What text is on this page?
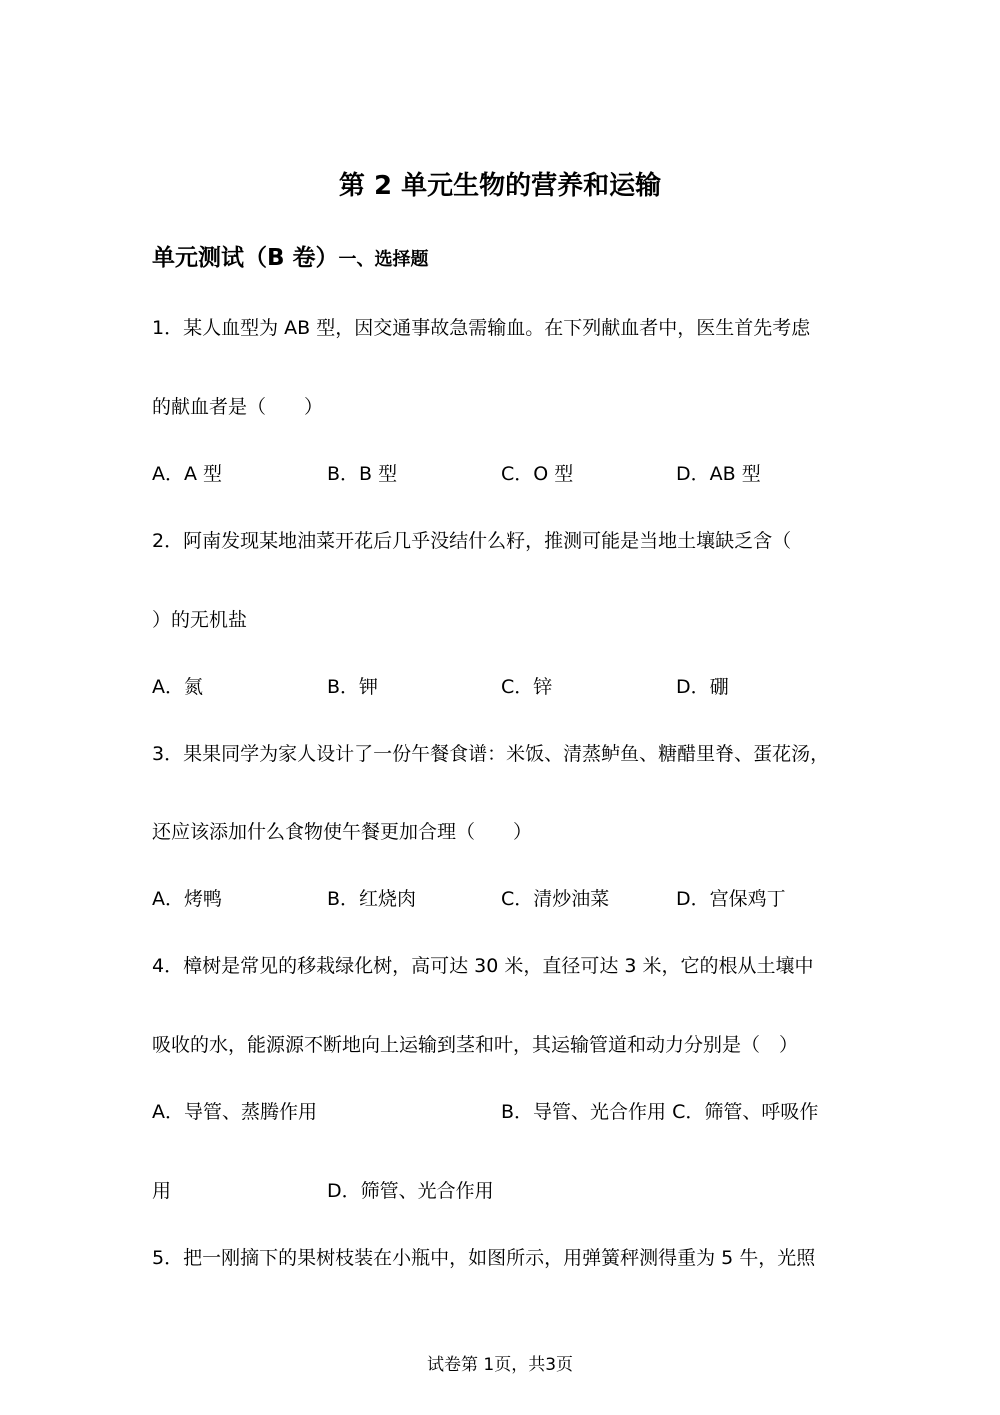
第 2 单元生物的营养和运输
单元测试（B 卷）一、选择题
1．某人血型为 AB 型，因交通事故急需输血。在下列献血者中，医生首先考虑
的献血者是（　　）
A．A 型	B．B 型	C．O 型	D．AB 型
2．阿南发现某地油菜开花后几乎没结什么籽，推测可能是当地土壤缺乏含（
）的无机盐
A．氮	B．钾	C．锌	D．硼
3．果果同学为家人设计了一份午餐食谱：米饭、清蒸鲈鱼、糖醋里脊、蛋花汤，
还应该添加什么食物使午餐更加合理（　　）
A．烤鸭	B．红烧肉	C．清炒油菜	D．宫保鸡丁
4．樟树是常见的移栽绿化树，高可达 30 米，直径可达 3 米，它的根从土壤中
吸收的水，能源源不断地向上运输到茎和叶，其运输管道和动力分别是（　）
A．导管、蒸腾作用	B．导管、光合作用 C．筛管、呼吸作
用	D．筛管、光合作用
5．把一刚摘下的果树枝装在小瓶中，如图所示，用弹簧秤测得重为 5 牛，光照
试卷第 1页，共3页
